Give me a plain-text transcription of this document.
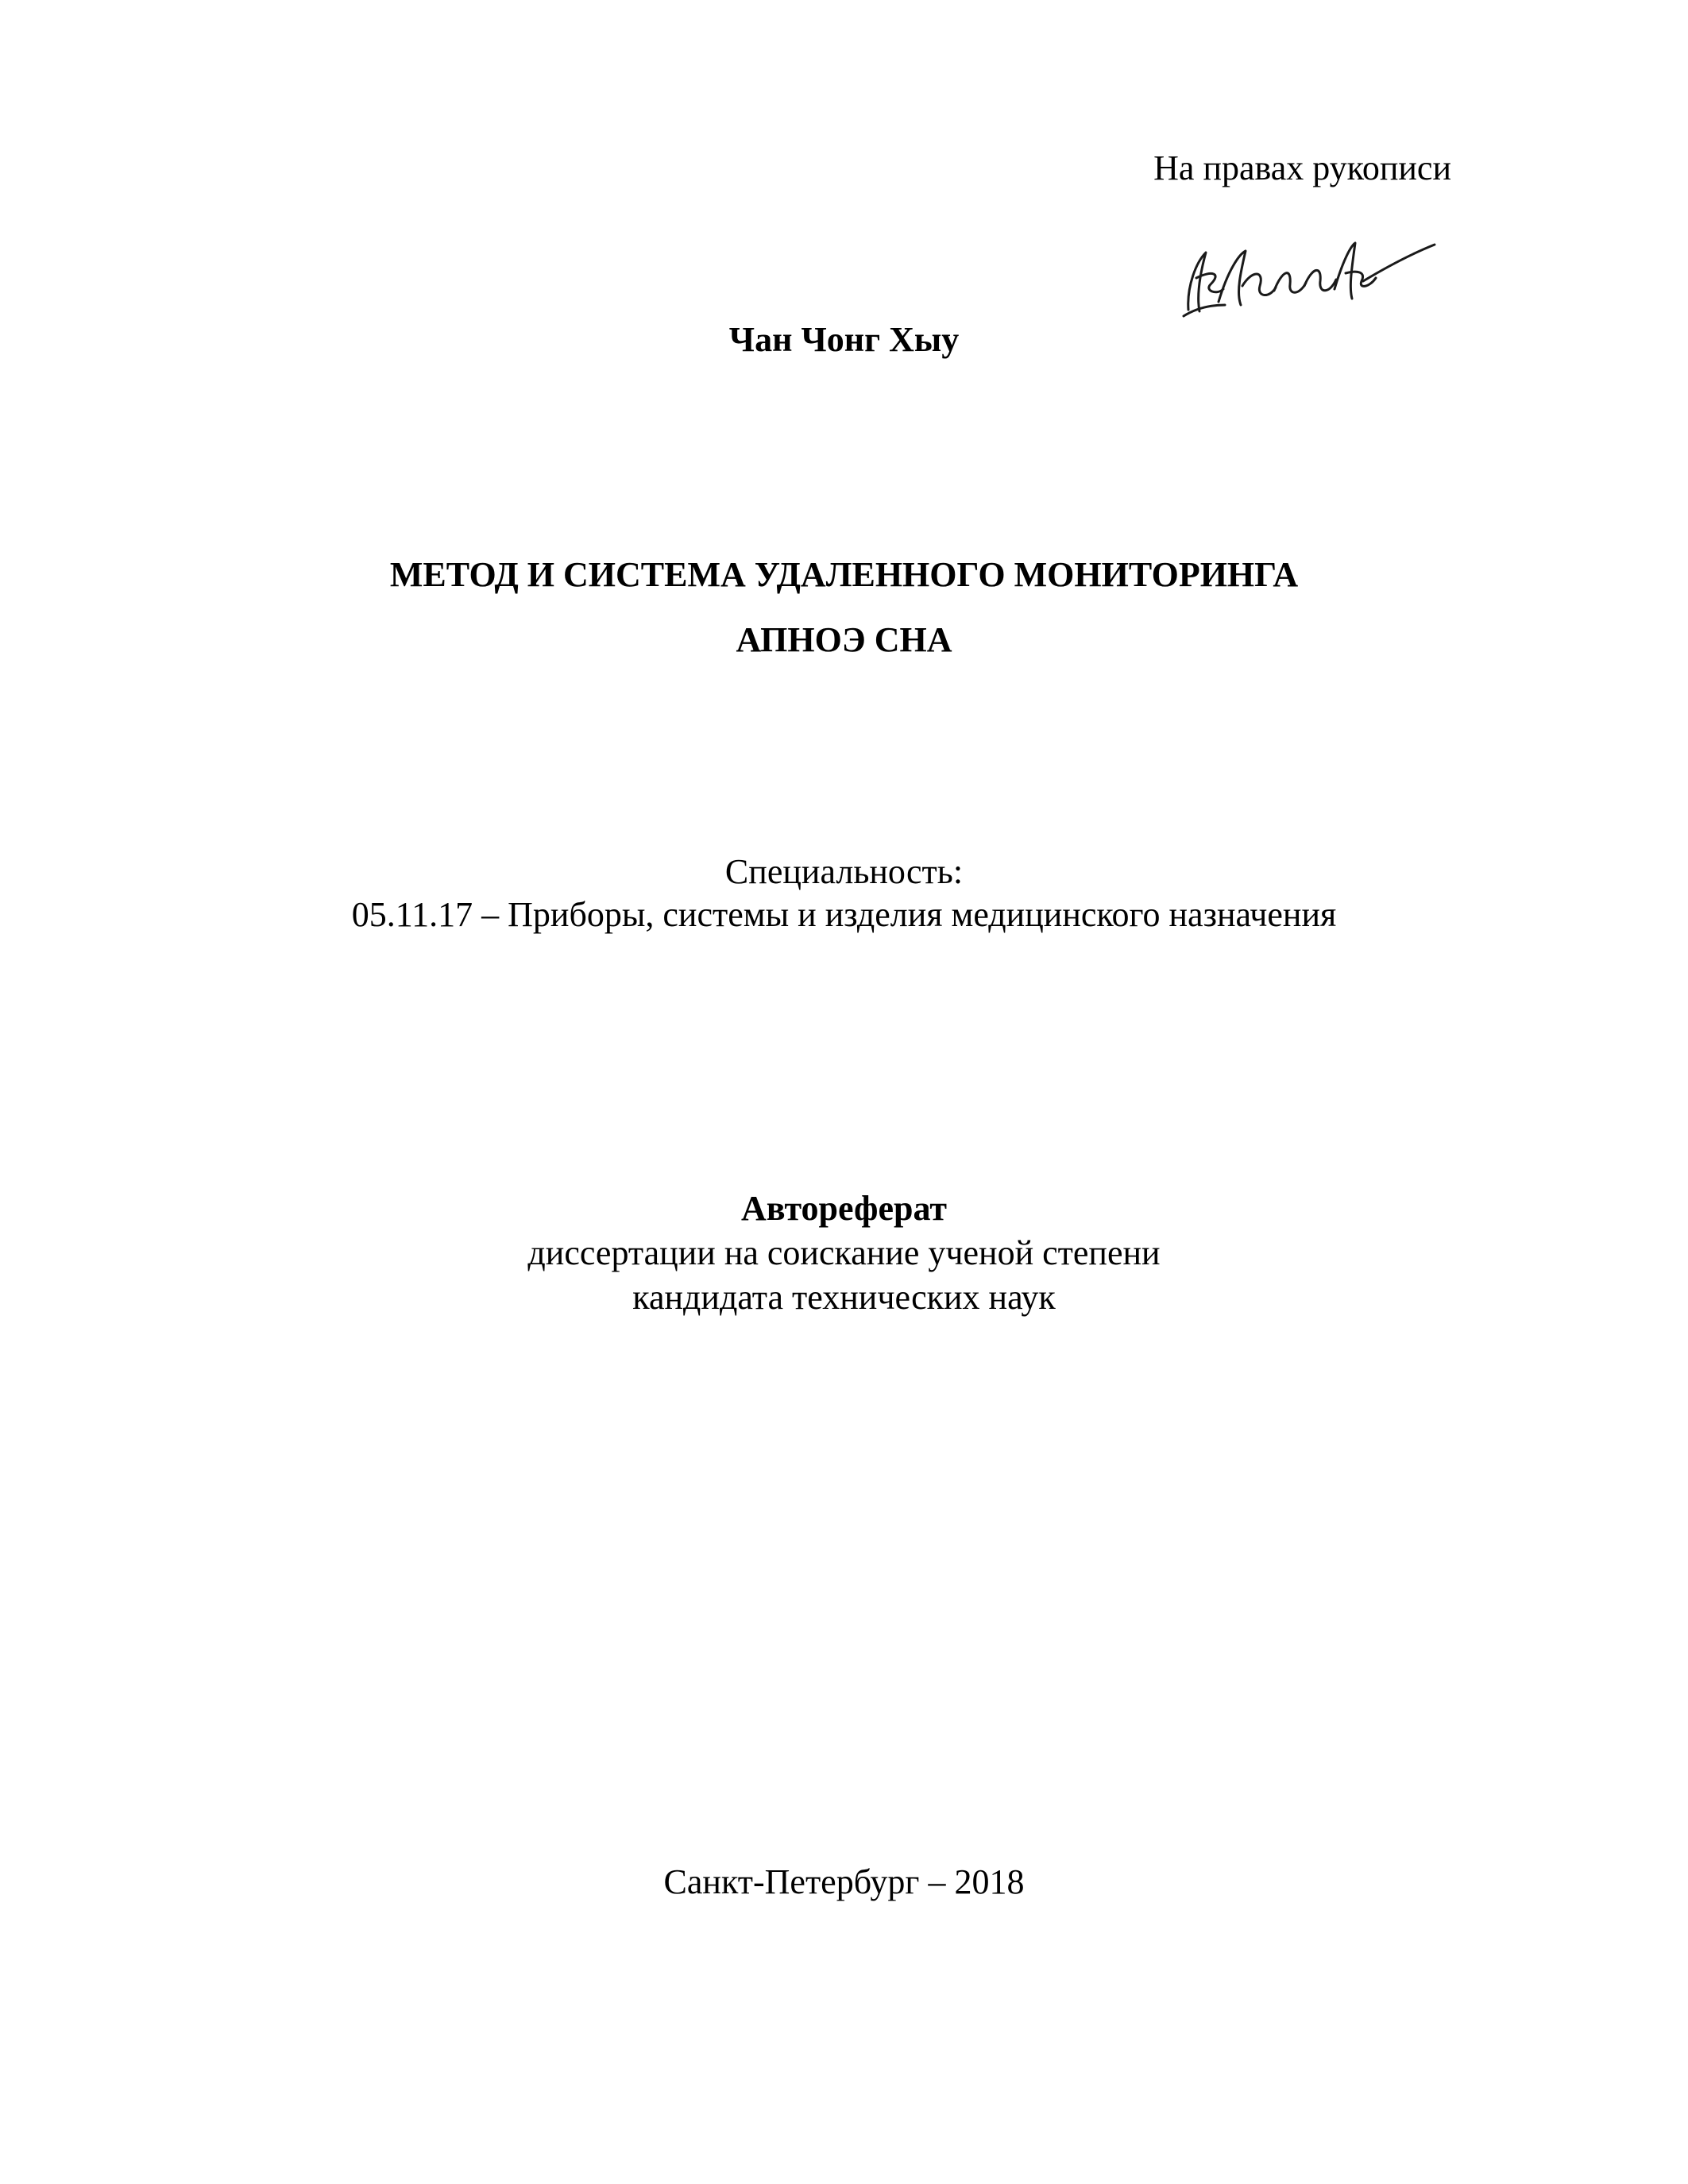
На правах рукописи
Чан Чонг Хыу
МЕТОД И СИСТЕМА УДАЛЕННОГО МОНИТОРИНГА
АПНОЭ СНА
Специальность:
05.11.17 – Приборы, системы и изделия медицинского назначения
Автореферат
диссертации на соискание ученой степени
кандидата технических наук
Санкт-Петербург – 2018
